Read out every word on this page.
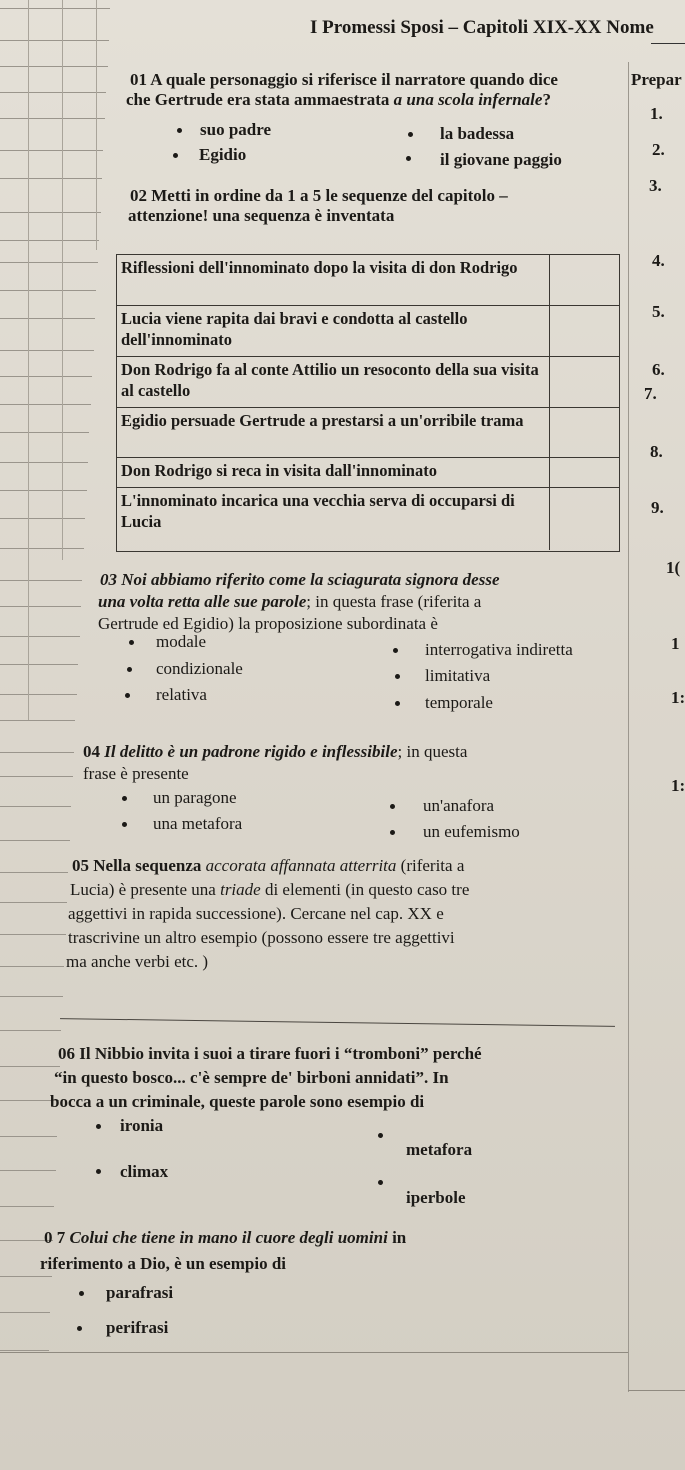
I Promessi Sposi – Capitoli XIX-XX Nome
Prepar
1.
2.
3.
4.
5.
6.
7.
8.
9.
1(
1
1:
1:
01 A quale personaggio si riferisce il narratore quando dice
che Gertrude era stata ammaestrata a una scola infernale?
suo padre	la badessa
Egidio	il giovane paggio
02 Metti in ordine da 1 a 5 le sequenze del capitolo –
attenzione! una sequenza è inventata
Riflessioni dell'innominato dopo la visita di don Rodrigo
Lucia viene rapita dai bravi e condotta al castello dell'innominato
Don Rodrigo fa al conte Attilio un resoconto della sua visita al castello
Egidio persuade Gertrude a prestarsi a un'orribile trama
Don Rodrigo si reca in visita dall'innominato
L'innominato incarica una vecchia serva di occuparsi di Lucia
03 Noi abbiamo riferito come la sciagurata signora desse
una volta retta alle sue parole; in questa frase (riferita a
Gertrude ed Egidio) la proposizione subordinata è
modale	interrogativa indiretta
condizionale	limitativa
relativa	temporale
04 Il delitto è un padrone rigido e inflessibile; in questa
frase è presente
un paragone	un'anafora
una metafora	un eufemismo
05 Nella sequenza accorata affannata atterrita (riferita a
Lucia) è presente una triade di elementi (in questo caso tre
aggettivi in rapida successione). Cercane nel cap. XX e
trascrivine un altro esempio (possono essere tre aggettivi
ma anche verbi etc. )
06 Il Nibbio invita i suoi a tirare fuori i “tromboni” perché
“in questo bosco... c'è sempre de' birboni annidati”. In
bocca a un criminale, queste parole sono esempio di
ironia
metafora
climax
iperbole
0 7 Colui che tiene in mano il cuore degli uomini in
riferimento a Dio, è un esempio di
parafrasi
perifrasi
